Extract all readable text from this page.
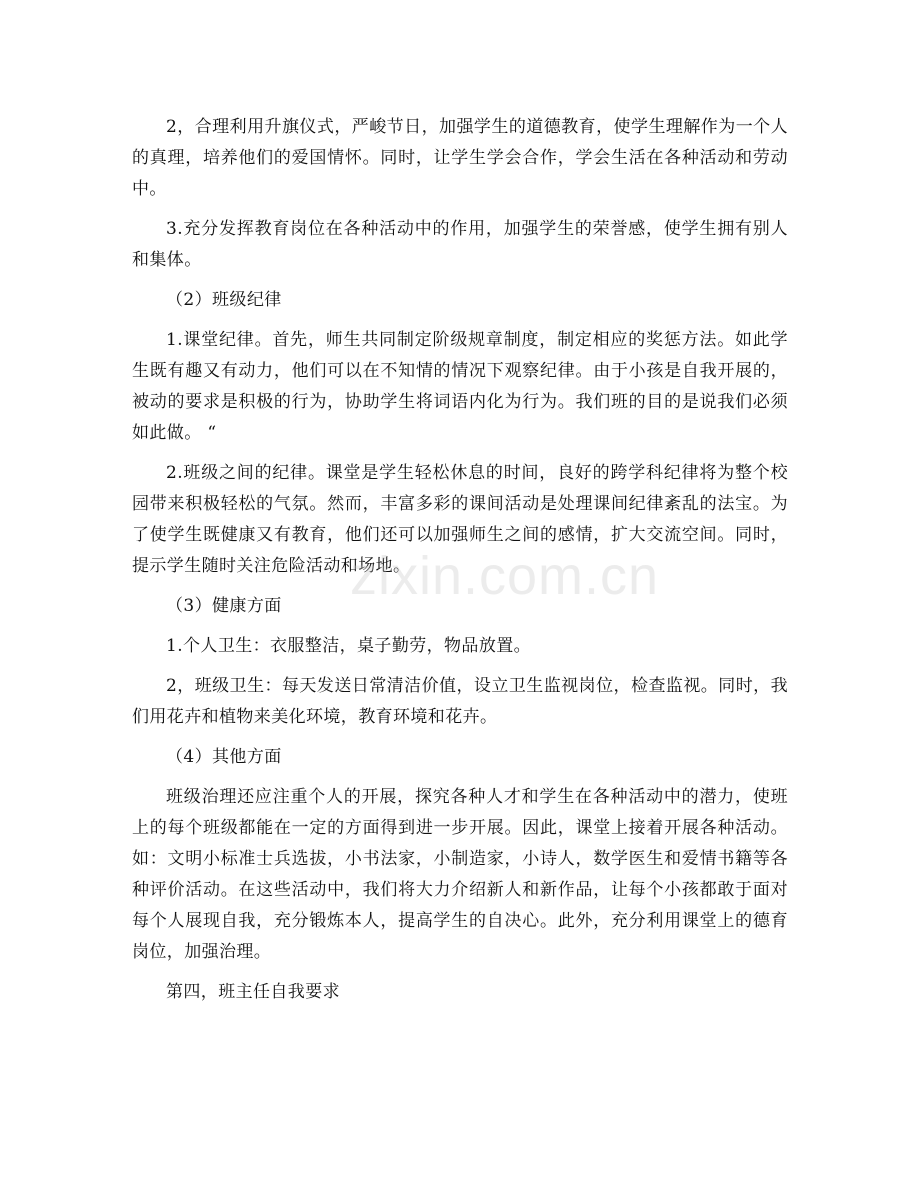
2，合理利用升旗仪式，严峻节日，加强学生的道德教育，使学生理解作为一个人的真理，培养他们的爱国情怀。同时，让学生学会合作，学会生活在各种活动和劳动中。

3.充分发挥教育岗位在各种活动中的作用，加强学生的荣誉感，使学生拥有别人和集体。

（2）班级纪律

1.课堂纪律。首先，师生共同制定阶级规章制度，制定相应的奖惩方法。如此学生既有趣又有动力，他们可以在不知情的情况下观察纪律。由于小孩是自我开展的，被动的要求是积极的行为，协助学生将词语内化为行为。我们班的目的是说我们必须如此做。 “

2.班级之间的纪律。课堂是学生轻松休息的时间，良好的跨学科纪律将为整个校园带来积极轻松的气氛。然而，丰富多彩的课间活动是处理课间纪律紊乱的法宝。为了使学生既健康又有教育，他们还可以加强师生之间的感情，扩大交流空间。同时，提示学生随时关注危险活动和场地。

（3）健康方面

1.个人卫生：衣服整洁，桌子勤劳，物品放置。

2，班级卫生：每天发送日常清洁价值，设立卫生监视岗位，检查监视。同时，我们用花卉和植物来美化环境，教育环境和花卉。

（4）其他方面

班级治理还应注重个人的开展，探究各种人才和学生在各种活动中的潜力，使班上的每个班级都能在一定的方面得到进一步开展。因此，课堂上接着开展各种活动。如：文明小标准士兵选拔，小书法家，小制造家，小诗人，数学医生和爱情书籍等各种评价活动。在这些活动中，我们将大力介绍新人和新作品，让每个小孩都敢于面对每个人展现自我，充分锻炼本人，提高学生的自决心。此外，充分利用课堂上的德育岗位，加强治理。

第四，班主任自我要求

zixin.com.cn
